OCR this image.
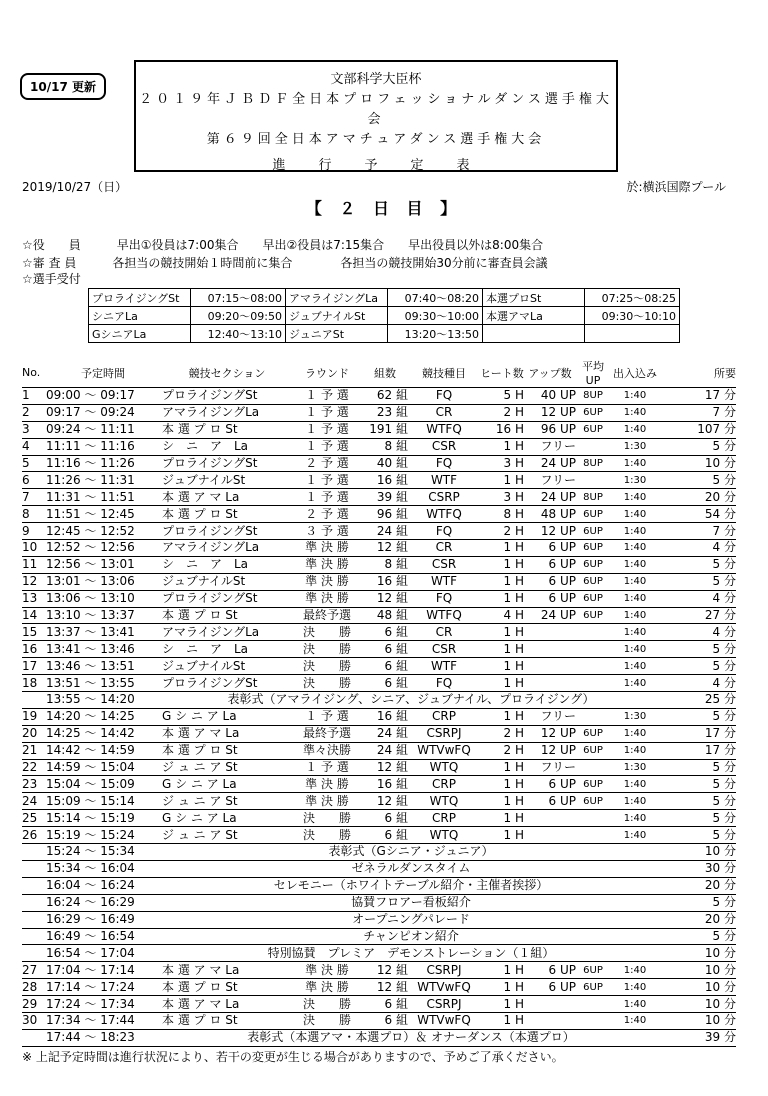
10/17 更新	文部科学大臣杯
２０１９年ＪＢＤＦ全日本プロフェッショナルダンス選手権大会
第６９回全日本アマチュアダンス選手権大会
進　行　予　定　表
2019/10/27（日）	於:横浜国際プール
【 ２ 日 目 】
☆役　　員　　　早出①役員は7:00集合　　早出②役員は7:15集合　　早出役員以外は8:00集合
☆審 査 員　　　各担当の競技開始１時間前に集合　　　　各担当の競技開始30分前に審査員会議
☆選手受付
プロライジングSt	07:15～08:00	アマライジングLa	07:40～08:20	本選プロSt	07:25～08:25
シニアLa	09:20～09:50	ジュブナイルSt	09:30～10:00	本選アマLa	09:30～10:10
GシニアLa	12:40～13:10	ジュニアSt	13:20～13:50		
No.	予定時間	競技セクション	ラウンド	組数	競技種目	ヒート数	アップ数	平均UP	出入込み	所要
1	09:00 ～ 09:17	プロライジングSt	１ 予 選	62 組	FQ	5 H	40 UP	8UP	1:40	17 分
2	09:17 ～ 09:24	アマライジングLa	１ 予 選	23 組	CR	2 H	12 UP	6UP	1:40	7 分
3	09:24 ～ 11:11	本 選 プ ロ St	１ 予 選	191 組	WTFQ	16 H	96 UP	6UP	1:40	107 分
4	11:11 ～ 11:16	シ　ニ　ア　La	１ 予 選	8 組	CSR	1 H	フリー		1:30	5 分
5	11:16 ～ 11:26	プロライジングSt	２ 予 選	40 組	FQ	3 H	24 UP	8UP	1:40	10 分
6	11:26 ～ 11:31	ジュブナイルSt	１ 予 選	16 組	WTF	1 H	フリー		1:30	5 分
7	11:31 ～ 11:51	本 選 ア マ La	１ 予 選	39 組	CSRP	3 H	24 UP	8UP	1:40	20 分
8	11:51 ～ 12:45	本 選 プ ロ St	２ 予 選	96 組	WTFQ	8 H	48 UP	6UP	1:40	54 分
9	12:45 ～ 12:52	プロライジングSt	３ 予 選	24 組	FQ	2 H	12 UP	6UP	1:40	7 分
10	12:52 ～ 12:56	アマライジングLa	準 決 勝	12 組	CR	1 H	6 UP	6UP	1:40	4 分
11	12:56 ～ 13:01	シ　ニ　ア　La	準 決 勝	8 組	CSR	1 H	6 UP	6UP	1:40	5 分
12	13:01 ～ 13:06	ジュブナイルSt	準 決 勝	16 組	WTF	1 H	6 UP	6UP	1:40	5 分
13	13:06 ～ 13:10	プロライジングSt	準 決 勝	12 組	FQ	1 H	6 UP	6UP	1:40	4 分
14	13:10 ～ 13:37	本 選 プ ロ St	最終予選	48 組	WTFQ	4 H	24 UP	6UP	1:40	27 分
15	13:37 ～ 13:41	アマライジングLa	決　　勝	6 組	CR	1 H			1:40	4 分
16	13:41 ～ 13:46	シ　ニ　ア　La	決　　勝	6 組	CSR	1 H			1:40	5 分
17	13:46 ～ 13:51	ジュブナイルSt	決　　勝	6 組	WTF	1 H			1:40	5 分
18	13:51 ～ 13:55	プロライジングSt	決　　勝	6 組	FQ	1 H			1:40	4 分
	13:55 ～ 14:20	表彰式（アマライジング、シニア、ジュブナイル、プロライジング）								25 分
19	14:20 ～ 14:25	G シ ニ ア La	１ 予 選	16 組	CRP	1 H	フリー		1:30	5 分
20	14:25 ～ 14:42	本 選 ア マ La	最終予選	24 組	CSRPJ	2 H	12 UP	6UP	1:40	17 分
21	14:42 ～ 14:59	本 選 プ ロ St	準々決勝	24 組	WTVwFQ	2 H	12 UP	6UP	1:40	17 分
22	14:59 ～ 15:04	ジ ュ ニ ア St	１ 予 選	12 組	WTQ	1 H	フリー		1:30	5 分
23	15:04 ～ 15:09	G シ ニ ア La	準 決 勝	16 組	CRP	1 H	6 UP	6UP	1:40	5 分
24	15:09 ～ 15:14	ジ ュ ニ ア St	準 決 勝	12 組	WTQ	1 H	6 UP	6UP	1:40	5 分
25	15:14 ～ 15:19	G シ ニ ア La	決　　勝	6 組	CRP	1 H			1:40	5 分
26	15:19 ～ 15:24	ジ ュ ニ ア St	決　　勝	6 組	WTQ	1 H			1:40	5 分
	15:24 ～ 15:34	表彰式（Gシニア・ジュニア）								10 分
	15:34 ～ 16:04	ゼネラルダンスタイム								30 分
	16:04 ～ 16:24	セレモニー（ホワイトテーブル紹介・主催者挨拶）								20 分
	16:24 ～ 16:29	協賛フロアー看板紹介								5 分
	16:29 ～ 16:49	オープニングパレード								20 分
	16:49 ～ 16:54	チャンピオン紹介								5 分
	16:54 ～ 17:04	特別協賛　プレミア　デモンストレーション（１組）								10 分
27	17:04 ～ 17:14	本 選 ア マ La	準 決 勝	12 組	CSRPJ	1 H	6 UP	6UP	1:40	10 分
28	17:14 ～ 17:24	本 選 プ ロ St	準 決 勝	12 組	WTVwFQ	1 H	6 UP	6UP	1:40	10 分
29	17:24 ～ 17:34	本 選 ア マ La	決　　勝	6 組	CSRPJ	1 H			1:40	10 分
30	17:34 ～ 17:44	本 選 プ ロ St	決　　勝	6 組	WTVwFQ	1 H			1:40	10 分
	17:44 ～ 18:23	表彰式（本選アマ・本選プロ）＆ オナーダンス（本選プロ）								39 分
※ 上記予定時間は進行状況により、若干の変更が生じる場合がありますので、予めご了承ください。
